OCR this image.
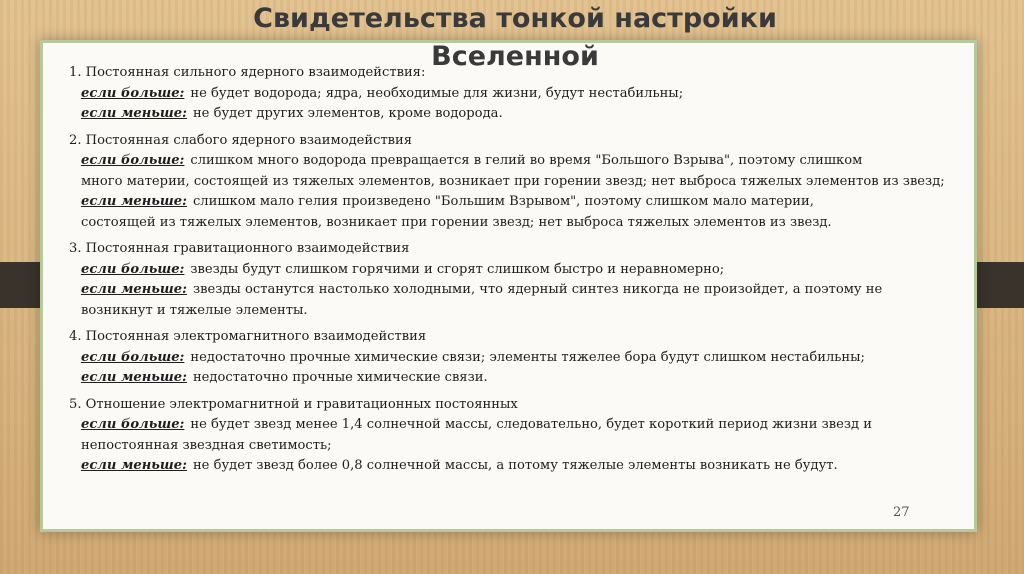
Свидетельства тонкой настройки Вселенной
1. Постоянная сильного ядерного взаимодействия:
если больше: не будет водорода; ядра, необходимые для жизни, будут нестабильны;
если меньше: не будет других элементов, кроме водорода.
2. Постоянная слабого ядерного взаимодействия
если больше: слишком много водорода превращается в гелий во время "Большого Взрыва", поэтому слишком
много материи, состоящей из тяжелых элементов, возникает при горении звезд; нет выброса тяжелых элементов из звезд;
если меньше: слишком мало гелия произведено "Большим Взрывом", поэтому слишком мало материи,
состоящей из тяжелых элементов, возникает при горении звезд; нет выброса тяжелых элементов из звезд.
3. Постоянная гравитационного взаимодействия
если больше: звезды будут слишком горячими и сгорят слишком быстро и неравномерно;
если меньше: звезды останутся настолько холодными, что ядерный синтез никогда не произойдет, а поэтому не
возникнут и тяжелые элементы.
4. Постоянная электромагнитного взаимодействия
если больше: недостаточно прочные химические связи; элементы тяжелее бора будут слишком нестабильны;
если меньше: недостаточно прочные химические связи.
5. Отношение электромагнитной и гравитационных постоянных
если больше: не будет звезд менее 1,4 солнечной массы, следовательно, будет короткий период жизни звезд и
непостоянная звездная светимость;
если меньше: не будет звезд более 0,8 солнечной массы, а потому тяжелые элементы возникать не будут.
27
